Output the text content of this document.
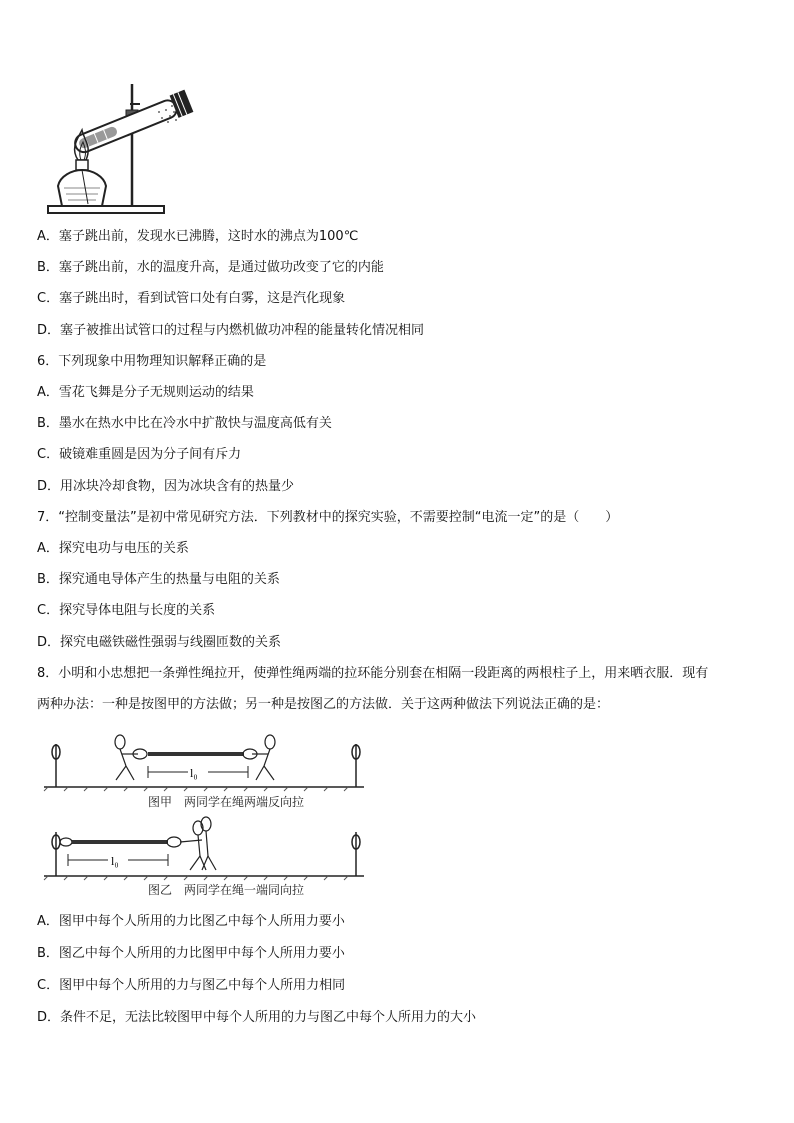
A．塞子跳出前，发现水已沸腾，这时水的沸点为100℃
B．塞子跳出前，水的温度升高，是通过做功改变了它的内能
C．塞子跳出时，看到试管口处有白雾，这是汽化现象
D．塞子被推出试管口的过程与内燃机做功冲程的能量转化情况相同
6．下列现象中用物理知识解释正确的是
A．雪花飞舞是分子无规则运动的结果
B．墨水在热水中比在冷水中扩散快与温度高低有关
C．破镜难重圆是因为分子间有斥力
D．用冰块冷却食物，因为冰块含有的热量少
7．“控制变量法”是初中常见研究方法．下列教材中的探究实验，不需要控制“电流一定”的是（　　）
A．探究电功与电压的关系
B．探究通电导体产生的热量与电阻的关系
C．探究导体电阻与长度的关系
D．探究电磁铁磁性强弱与线圈匝数的关系
8．小明和小忠想把一条弹性绳拉开，使弹性绳两端的拉环能分别套在相隔一段距离的两根柱子上，用来晒衣服．现有
两种办法：一种是按图甲的方法做；另一种是按图乙的方法做．关于这两种做法下列说法正确的是：
l₀
图甲　两同学在绳两端反向拉
l₀
图乙　两同学在绳一端同向拉
A．图甲中每个人所用的力比图乙中每个人所用力要小
B．图乙中每个人所用的力比图甲中每个人所用力要小
C．图甲中每个人所用的力与图乙中每个人所用力相同
D．条件不足，无法比较图甲中每个人所用的力与图乙中每个人所用力的大小
